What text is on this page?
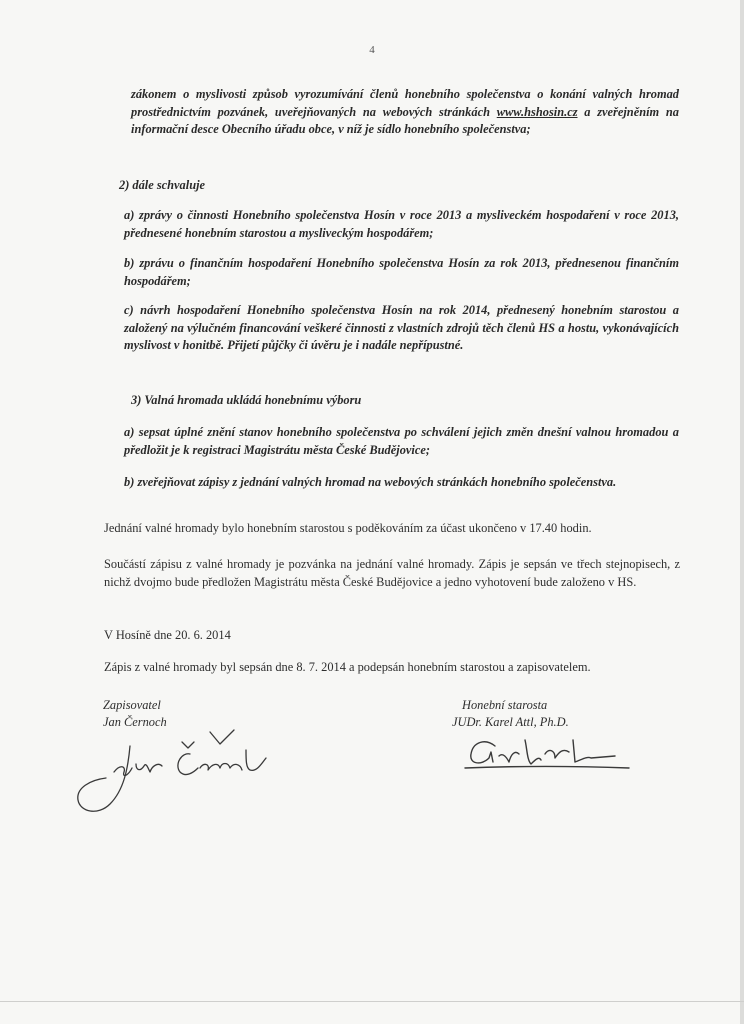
4
zákonem o myslivosti způsob vyrozumívání členů honebního společenstva o konání valných hromad prostřednictvím pozvánek, uveřejňovaných na webových stránkách www.hshosin.cz a zveřejněním na informační desce Obecního úřadu obce, v níž je sídlo honebního společenstva;
2) dále schvaluje
a) zprávy o činnosti Honebního společenstva Hosín v roce 2013 a mysliveckém hospodaření v roce 2013, přednesené honebním starostou a mysliveckým hospodářem;
b) zprávu o finančním hospodaření Honebního společenstva Hosín za rok 2013, přednesenou finančním hospodářem;
c) návrh hospodaření Honebního společenstva Hosín na rok 2014, přednesený honebním starostou a založený na výlučném financování veškeré činnosti z vlastních zdrojů těch členů HS a hostu, vykonávajících myslivost v honitbě. Přijetí půjčky či úvěru je i nadále nepřípustné.
3) Valná hromada ukládá honebnímu výboru
a) sepsat úplné znění stanov honebního společenstva po schválení jejich změn dnešní valnou hromadou a předložit je k registraci Magistrátu města České Budějovice;
b) zveřejňovat zápisy z jednání valných hromad na webových stránkách honebního společenstva.
Jednání valné hromady bylo honebním starostou s poděkováním za účast ukončeno v 17.40 hodin.
Součástí zápisu z valné hromady je pozvánka na jednání valné hromady. Zápis je sepsán ve třech stejnopisech, z nichž dvojmo bude předložen Magistrátu města České Budějovice a jedno vyhotovení bude založeno v HS.
V Hosíně dne 20. 6. 2014
Zápis z valné hromady byl sepsán dne 8. 7. 2014 a podepsán honebním starostou a zapisovatelem.
Zapisovatel
Jan Černoch
Honební starosta
JUDr. Karel Attl, Ph.D.
